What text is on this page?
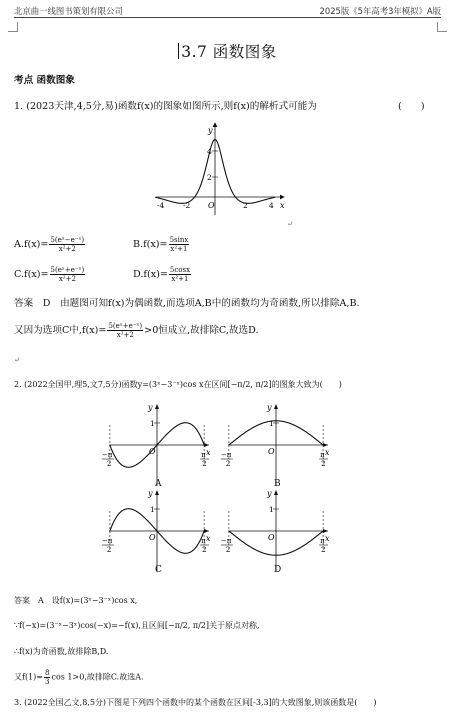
北京曲一线图书策划有限公司	2025版《5年高考3年模拟》A版
3.7 函数图象
考点 函数图象
1. (2023天津,4,5分,易)函数f(x)的图象如图所示,则f(x)的解析式可能为	(　　)
y
x
4
2
-4 -2 O	2	4
↵
$A.f(x)= \frac{\text{5(eˣ−e⁻ˣ)}}{\text{x²+2}}$	$B.f(x)= \frac{5\sin x}{\text{x²+1}}$
$C.f(x)= \frac{\text{5(eˣ+e⁻ˣ)}}{\text{x²+2}}$	$D.f(x)= \frac{5\cos x}{\text{x²+1}}$
答案　D　由题图可知f(x)为偶函数,而选项A,B中的函数均为奇函数,所以排除A,B.
又因为选项C中$,f(x)= \frac{\text{5(eˣ+e⁻ˣ)}}{\text{x²+2}} >0$恒成立,故排除C,故选D.
↵
2. (2022全国甲,理5,文7,5分)函数y=(3ˣ−3⁻ˣ)cos x在区间[−π/2, π/2]的图象大致为(　　)
y
x
1
O
−π
2
π
2
A
y
x
1
O
−π
2
π
2
B
y
x
1
O
−π
2
π
2
C
y
x
1
O
−π
2
π
2
D
答案　A　设f(x)=(3ˣ−3⁻ˣ)cos x,
∵f(−x)=(3⁻ˣ−3ˣ)cos(−x)=−f(x),且区间[−π/2, π/2]关于原点对称,
∴f(x)为奇函数,故排除B,D.
又$f(1)= \frac{8}{3}$ cos 1>0,故排除C.故选A.
3. (2022全国乙文,8,5分)下图是下列四个函数中的某个函数在区间[-3,3]的大致图象,则该函数是(　　)
